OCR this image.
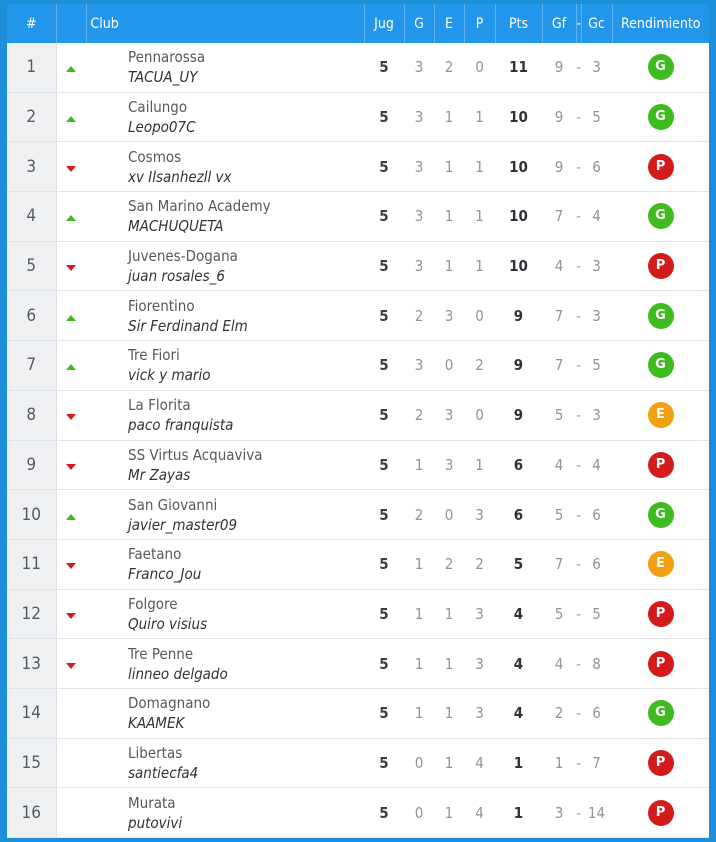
#		Club	Jug	G	E	P	Pts	Gf	-	Gc	Rendimiento
1		Pennarossa
TACUA_UY	5	3	2	0	11	9	-	3	G
2		Cailungo
Leopo07C	5	3	1	1	10	9	-	5	G
3		Cosmos
xv Ilsanhezll vx	5	3	1	1	10	9	-	6	P
4		San Marino Academy
MACHUQUETA	5	3	1	1	10	7	-	4	G
5		Juvenes-Dogana
juan rosales_6	5	3	1	1	10	4	-	3	P
6		Fiorentino
Sir Ferdinand Elm	5	2	3	0	9	7	-	3	G
7		Tre Fiori
vick y mario	5	3	0	2	9	7	-	5	G
8		La Florita
paco franquista	5	2	3	0	9	5	-	3	E
9		SS Virtus Acquaviva
Mr Zayas	5	1	3	1	6	4	-	4	P
10		San Giovanni
javier_master09	5	2	0	3	6	5	-	6	G
11		Faetano
Franco_Jou	5	1	2	2	5	7	-	6	E
12		Folgore
Quiro visius	5	1	1	3	4	5	-	5	P
13		Tre Penne
linneo delgado	5	1	1	3	4	4	-	8	P
14		Domagnano
KAAMEK	5	1	1	3	4	2	-	6	G
15		Libertas
santiecfa4	5	0	1	4	1	1	-	7	P
16		Murata
putovivi	5	0	1	4	1	3	-	14	P
